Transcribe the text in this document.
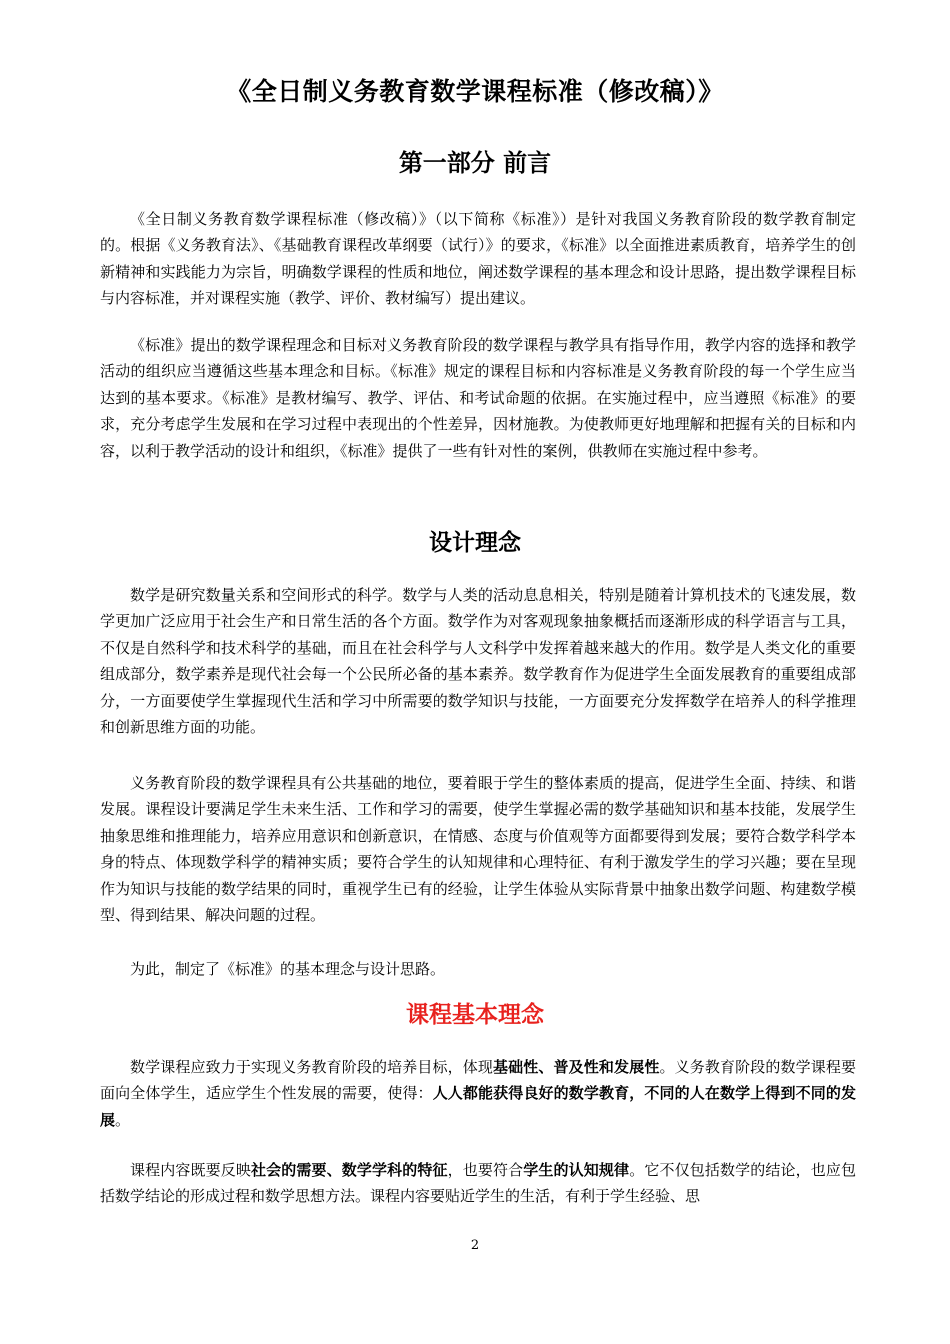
《全日制义务教育数学课程标准（修改稿）》
第一部分 前言

《全日制义务教育数学课程标准（修改稿）》（以下简称《标准》）是针对我国义务教育阶段的数学教育制定的。根据《义务教育法》、《基础教育课程改革纲要（试行）》的要求，《标准》以全面推进素质教育，培养学生的创新精神和实践能力为宗旨，明确数学课程的性质和地位，阐述数学课程的基本理念和设计思路，提出数学课程目标与内容标准，并对课程实施（教学、评价、教材编写）提出建议。

《标准》提出的数学课程理念和目标对义务教育阶段的数学课程与教学具有指导作用，教学内容的选择和教学活动的组织应当遵循这些基本理念和目标。《标准》规定的课程目标和内容标准是义务教育阶段的每一个学生应当达到的基本要求。《标准》是教材编写、教学、评估、和考试命题的依据。在实施过程中，应当遵照《标准》的要求，充分考虑学生发展和在学习过程中表现出的个性差异，因材施教。为使教师更好地理解和把握有关的目标和内容，以利于教学活动的设计和组织，《标准》提供了一些有针对性的案例，供教师在实施过程中参考。

设计理念

数学是研究数量关系和空间形式的科学。数学与人类的活动息息相关，特别是随着计算机技术的飞速发展，数学更加广泛应用于社会生产和日常生活的各个方面。数学作为对客观现象抽象概括而逐渐形成的科学语言与工具，不仅是自然科学和技术科学的基础，而且在社会科学与人文科学中发挥着越来越大的作用。数学是人类文化的重要组成部分，数学素养是现代社会每一个公民所必备的基本素养。数学教育作为促进学生全面发展教育的重要组成部分，一方面要使学生掌握现代生活和学习中所需要的数学知识与技能，一方面要充分发挥数学在培养人的科学推理和创新思维方面的功能。

义务教育阶段的数学课程具有公共基础的地位，要着眼于学生的整体素质的提高，促进学生全面、持续、和谐发展。课程设计要满足学生未来生活、工作和学习的需要，使学生掌握必需的数学基础知识和基本技能，发展学生抽象思维和推理能力，培养应用意识和创新意识，在情感、态度与价值观等方面都要得到发展；要符合数学科学本身的特点、体现数学科学的精神实质；要符合学生的认知规律和心理特征、有利于激发学生的学习兴趣；要在呈现作为知识与技能的数学结果的同时，重视学生已有的经验，让学生体验从实际背景中抽象出数学问题、构建数学模型、得到结果、解决问题的过程。

为此，制定了《标准》的基本理念与设计思路。

课程基本理念

数学课程应致力于实现义务教育阶段的培养目标，体现基础性、普及性和发展性。义务教育阶段的数学课程要面向全体学生，适应学生个性发展的需要，使得：人人都能获得良好的数学教育，不同的人在数学上得到不同的发展。

课程内容既要反映社会的需要、数学学科的特征，也要符合学生的认知规律。它不仅包括数学的结论，也应包括数学结论的形成过程和数学思想方法。课程内容要贴近学生的生活，有利于学生经验、思

2
